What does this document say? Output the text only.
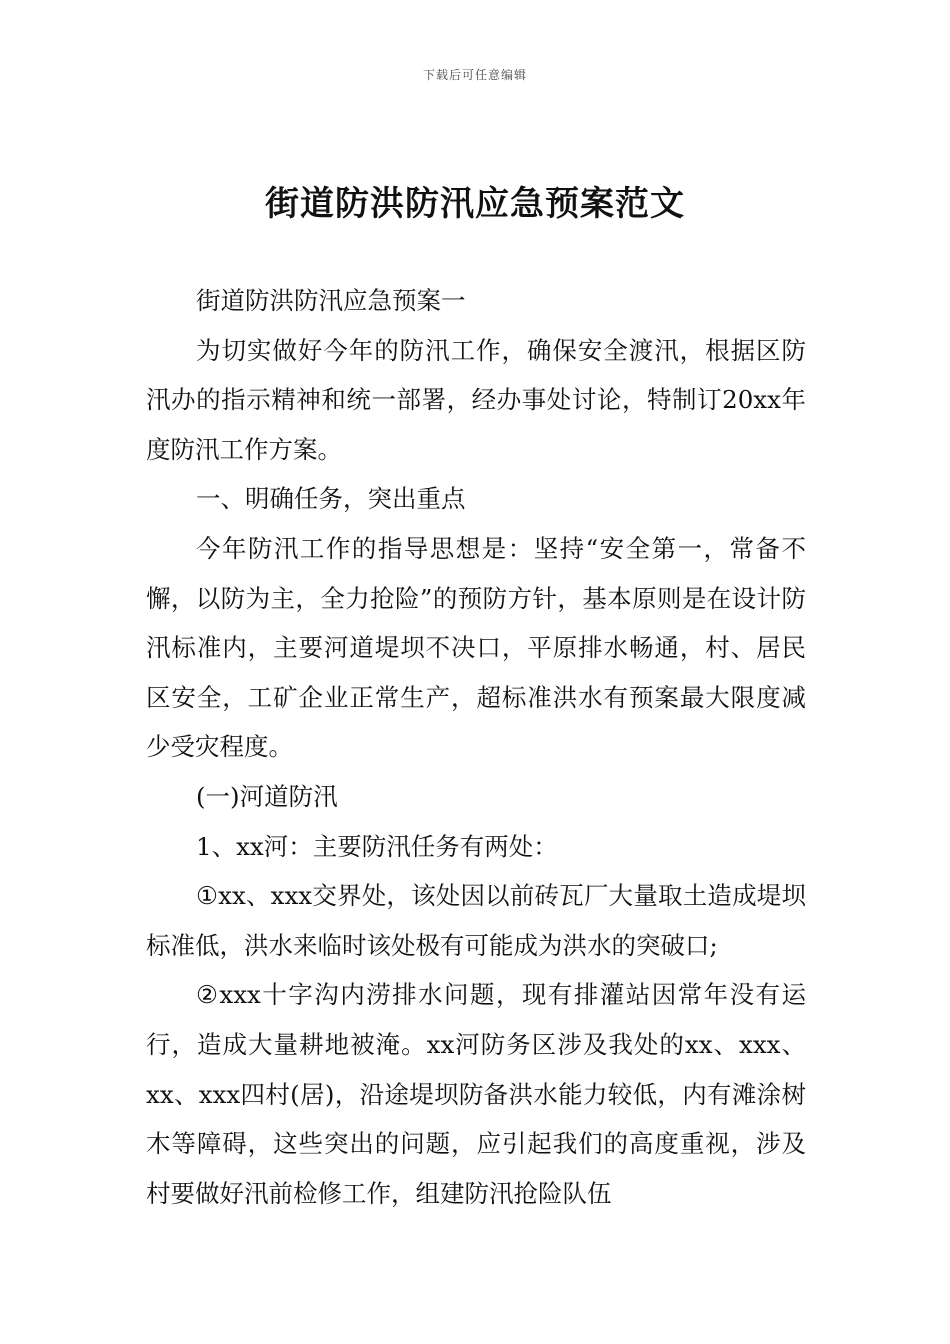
下载后可任意编辑
街道防洪防汛应急预案范文

街道防洪防汛应急预案一

为切实做好今年的防汛工作，确保安全渡汛，根据区防汛办的指示精神和统一部署，经办事处讨论，特制订20xx年度防汛工作方案。

一、明确任务，突出重点

今年防汛工作的指导思想是：坚持“安全第一，常备不懈，以防为主，全力抢险”的预防方针，基本原则是在设计防汛标准内，主要河道堤坝不决口，平原排水畅通，村、居民区安全，工矿企业正常生产，超标准洪水有预案最大限度减少受灾程度。

(一)河道防汛

1、xx河：主要防汛任务有两处：

①xx、xxx交界处，该处因以前砖瓦厂大量取土造成堤坝标准低，洪水来临时该处极有可能成为洪水的突破口;

②xxx十字沟内涝排水问题，现有排灌站因常年没有运行，造成大量耕地被淹。xx河防务区涉及我处的xx、xxx、xx、xxx四村(居)，沿途堤坝防备洪水能力较低，内有滩涂树木等障碍，这些突出的问题，应引起我们的高度重视，涉及村要做好汛前检修工作，组建防汛抢险队伍
